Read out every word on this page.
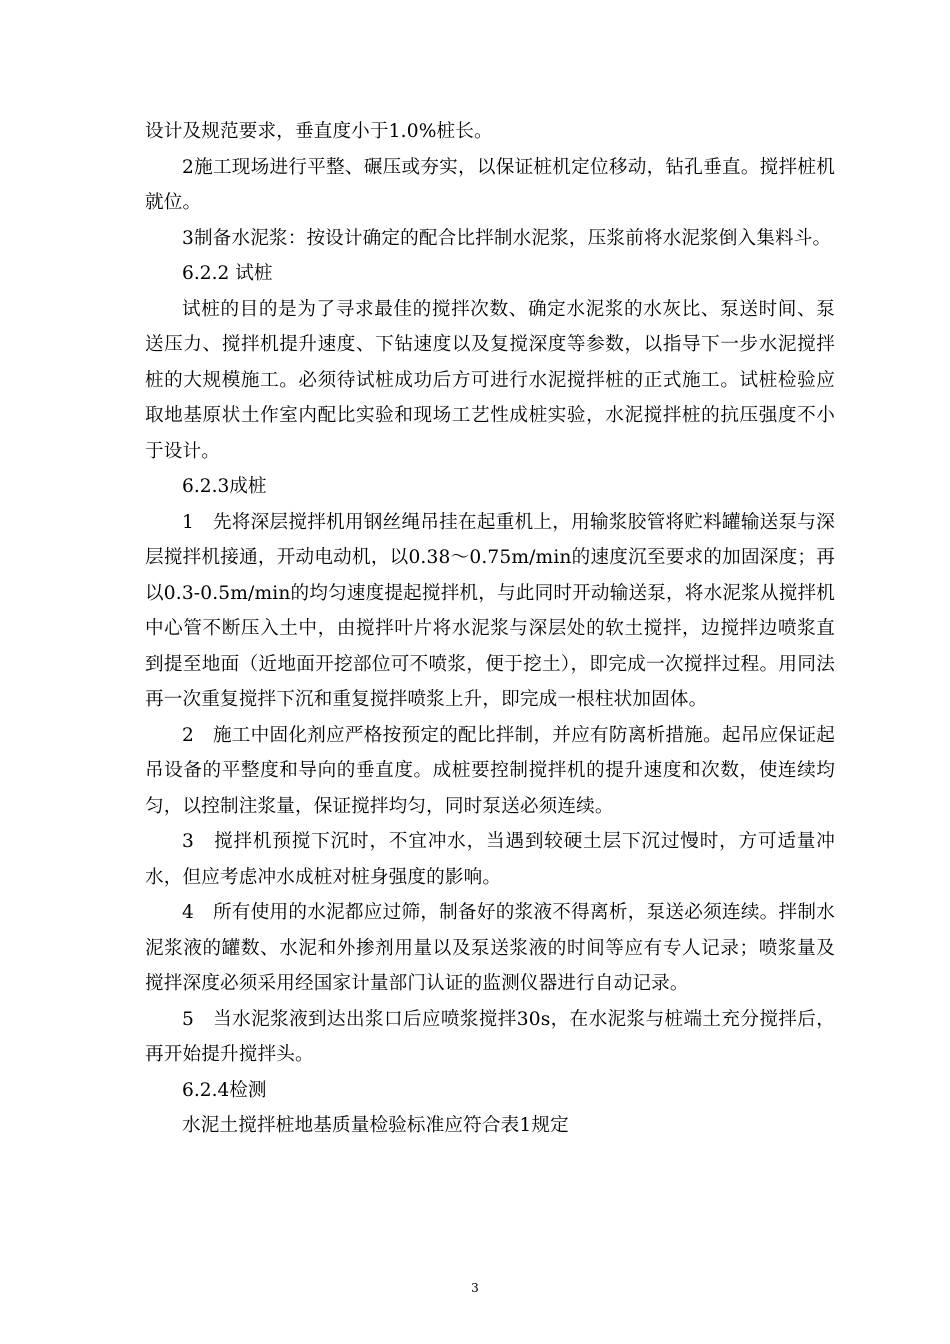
设计及规范要求，垂直度小于1.0%桩长。

2施工现场进行平整、碾压或夯实，以保证桩机定位移动，钻孔垂直。搅拌桩机就位。

3制备水泥浆：按设计确定的配合比拌制水泥浆，压浆前将水泥浆倒入集料斗。

6.2.2 试桩

试桩的目的是为了寻求最佳的搅拌次数、确定水泥浆的水灰比、泵送时间、泵送压力、搅拌机提升速度、下钻速度以及复搅深度等参数，以指导下一步水泥搅拌桩的大规模施工。必须待试桩成功后方可进行水泥搅拌桩的正式施工。试桩检验应取地基原状土作室内配比实验和现场工艺性成桩实验，水泥搅拌桩的抗压强度不小于设计。

6.2.3成桩

1　先将深层搅拌机用钢丝绳吊挂在起重机上，用输浆胶管将贮料罐输送泵与深层搅拌机接通，开动电动机，以0.38～0.75m/min的速度沉至要求的加固深度；再以0.3-0.5m/min的均匀速度提起搅拌机，与此同时开动输送泵，将水泥浆从搅拌机中心管不断压入土中，由搅拌叶片将水泥浆与深层处的软土搅拌，边搅拌边喷浆直到提至地面（近地面开挖部位可不喷浆，便于挖土），即完成一次搅拌过程。用同法再一次重复搅拌下沉和重复搅拌喷浆上升，即完成一根柱状加固体。

2　施工中固化剂应严格按预定的配比拌制，并应有防离析措施。起吊应保证起吊设备的平整度和导向的垂直度。成桩要控制搅拌机的提升速度和次数，使连续均匀，以控制注浆量，保证搅拌均匀，同时泵送必须连续。

3　搅拌机预搅下沉时，不宜冲水，当遇到较硬土层下沉过慢时，方可适量冲水，但应考虑冲水成桩对桩身强度的影响。

4　所有使用的水泥都应过筛，制备好的浆液不得离析，泵送必须连续。拌制水泥浆液的罐数、水泥和外掺剂用量以及泵送浆液的时间等应有专人记录；喷浆量及搅拌深度必须采用经国家计量部门认证的监测仪器进行自动记录。

5　当水泥浆液到达出浆口后应喷浆搅拌30s，在水泥浆与桩端土充分搅拌后，再开始提升搅拌头。

6.2.4检测

水泥土搅拌桩地基质量检验标准应符合表1规定

3
